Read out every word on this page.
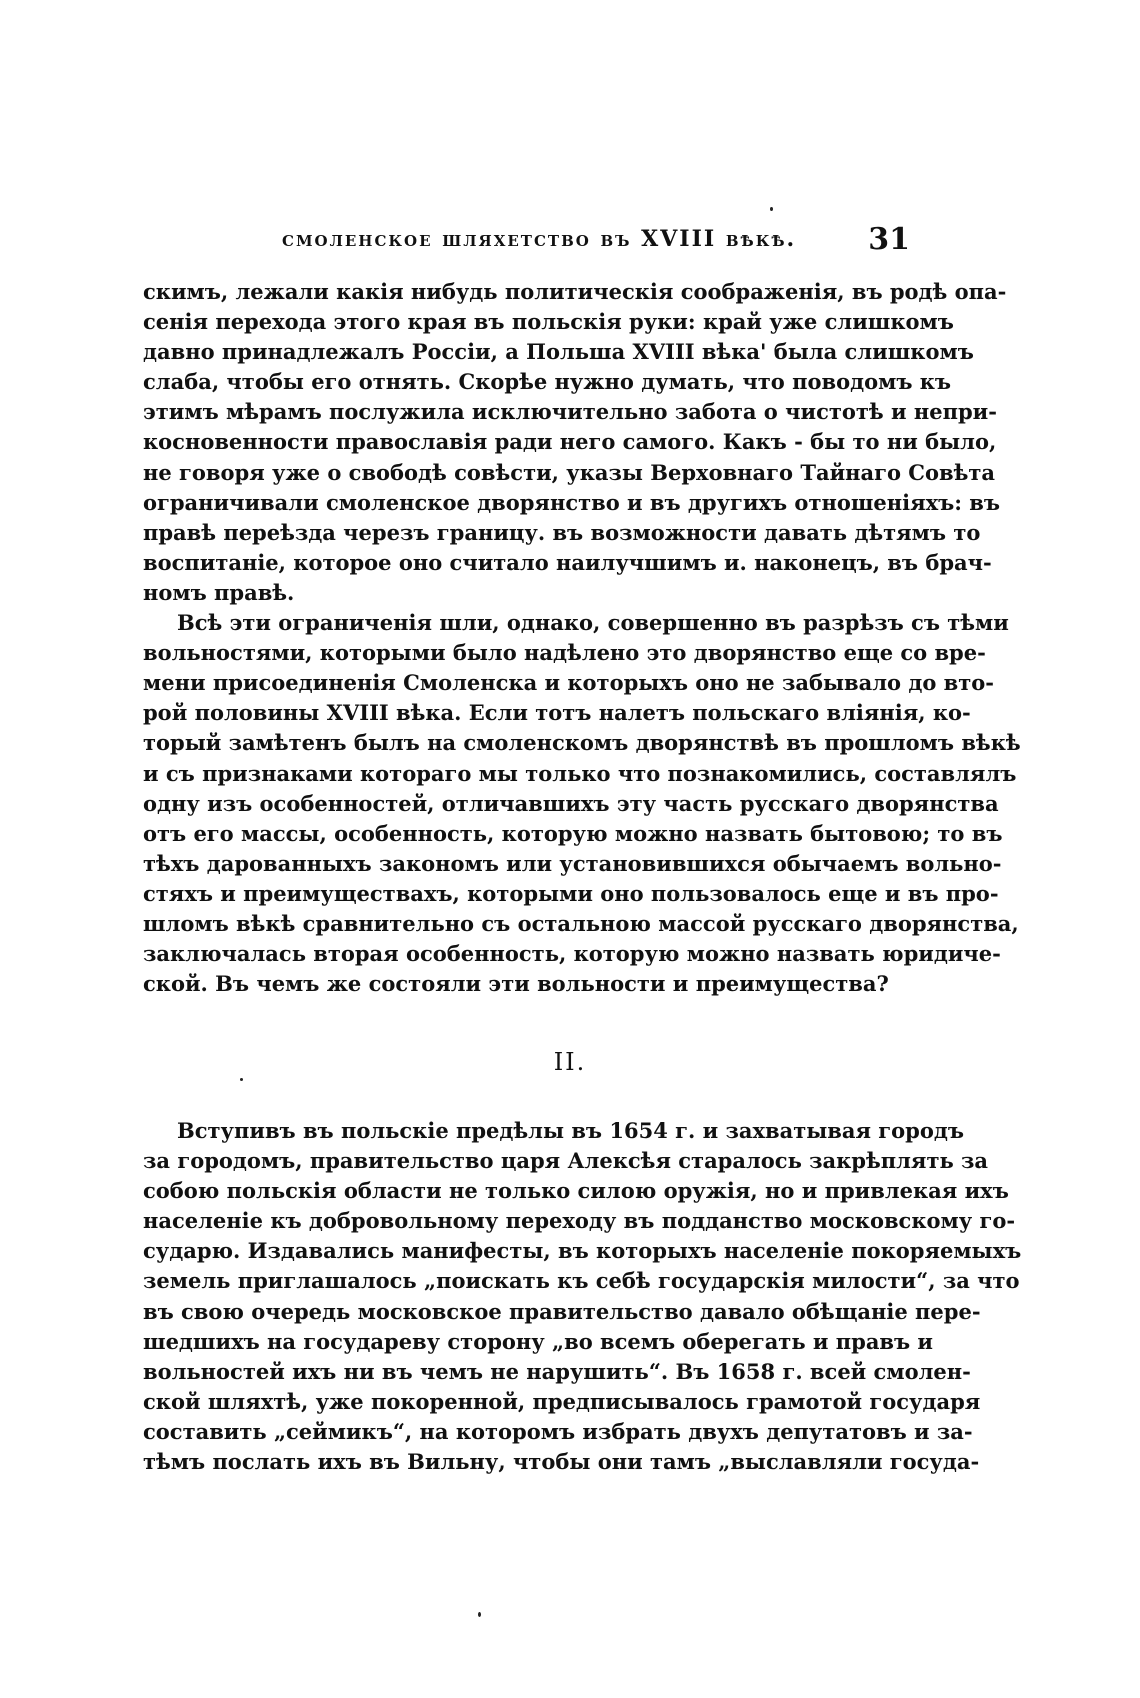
смоленское шляхетство въ XVIII вѣкѣ. 31
скимъ, лежали какія нибудь политическія соображенія, въ родѣ опа-
сенія перехода этого края въ польскія руки: край уже слишкомъ
давно принадлежалъ Россіи, а Польша XVIII вѣка' была слишкомъ
слаба, чтобы его отнять. Скорѣе нужно думать, что поводомъ къ
этимъ мѣрамъ послужила исключительно забота о чистотѣ и непри-
косновенности православія ради него самого. Какъ - бы то ни было,
не говоря уже о свободѣ совѣсти, указы Верховнаго Тайнаго Совѣта
ограничивали смоленское дворянство и въ другихъ отношеніяхъ: въ
правѣ переѣзда черезъ границу. въ возможности давать дѣтямъ то
воспитаніе, которое оно считало наилучшимъ и. наконецъ, въ брач-
номъ правѣ.
Всѣ эти ограниченія шли, однако, совершенно въ разрѣзъ съ тѣми
вольностями, которыми было надѣлено это дворянство еще со вре-
мени присоединенія Смоленска и которыхъ оно не забывало до вто-
рой половины XVIII вѣка. Если тотъ налетъ польскаго вліянія, ко-
торый замѣтенъ былъ на смоленскомъ дворянствѣ въ прошломъ вѣкѣ
и съ признаками котораго мы только что познакомились, составлялъ
одну изъ особенностей, отличавшихъ эту часть русскаго дворянства
отъ его массы, особенность, которую можно назвать бытовою; то въ
тѣхъ дарованныхъ закономъ или установившихся обычаемъ вольно-
стяхъ и преимуществахъ, которыми оно пользовалось еще и въ про-
шломъ вѣкѣ сравнительно съ остальною массой русскаго дворянства,
заключалась вторая особенность, которую можно назвать юридиче-
ской. Въ чемъ же состояли эти вольности и преимущества?
II.
Вступивъ въ польскіе предѣлы въ 1654 г. и захватывая городъ
за городомъ, правительство царя Алексѣя старалось закрѣплять за
собою польскія области не только силою оружія, но и привлекая ихъ
населеніе къ добровольному переходу въ подданство московскому го-
сударю. Издавались манифесты, въ которыхъ населеніе покоряемыхъ
земель приглашалось „поискать къ себѣ государскія милости“, за что
въ свою очередь московское правительство давало обѣщаніе пере-
шедшихъ на государеву сторону „во всемъ оберегать и правъ и
вольностей ихъ ни въ чемъ не нарушить“. Въ 1658 г. всей смолен-
ской шляхтѣ, уже покоренной, предписывалось грамотой государя
составить „сеймикъ“, на которомъ избрать двухъ депутатовъ и за-
тѣмъ послать ихъ въ Вильну, чтобы они тамъ „выславляли госуда-
